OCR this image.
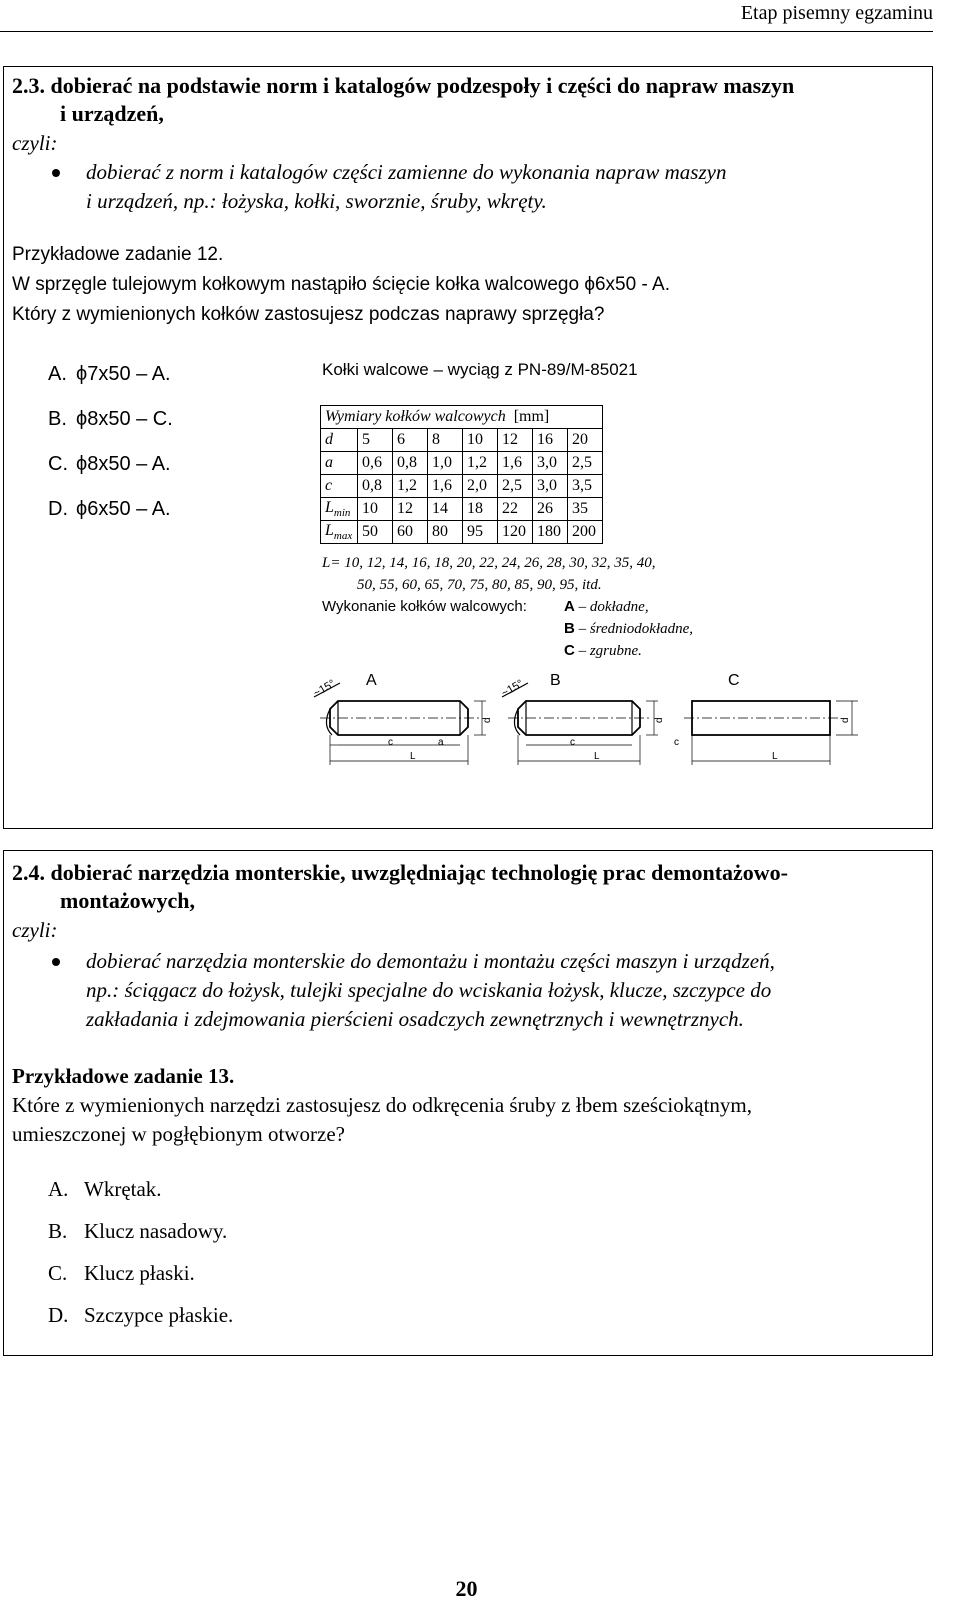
Etap pisemny egzaminu
2.3. dobierać na podstawie norm i katalogów podzespoły i części do napraw maszyn
i urządzeń,
czyli:
dobierać z norm i katalogów części zamienne do wykonania napraw maszyn
i urządzeń, np.: łożyska, kołki, sworznie, śruby, wkręty.
Przykładowe zadanie 12.
W sprzęgle tulejowym kołkowym nastąpiło ścięcie kołka walcowego ϕ6x50 - A.
Który z wymienionych kołków zastosujesz podczas naprawy sprzęgła?
A. ϕ7x50 – A.
B. ϕ8x50 – C.
C. ϕ8x50 – A.
D. ϕ6x50 – A.
Kołki walcowe – wyciąg z PN-89/M-85021
Wymiary kołków walcowych [mm]							
d	5	6	8	10	12	16	20
a	0,6	0,8	1,0	1,2	1,6	3,0	2,5
c	0,8	1,2	1,6	2,0	2,5	3,0	3,5
$L_{min}$	10	12	14	18	22	26	35
$L_{max}$	50	60	80	95	120	180	200
L= 10, 12, 14, 16, 18, 20, 22, 24, 26, 28, 30, 32, 35, 40,
50, 55, 60, 65, 70, 75, 80, 85, 90, 95, itd.
Wykonanie kołków walcowych: A – dokładne,
B – średniodokładne,
C – zgrubne.
A	B	C
~15°	~15°
d	d	d
c	a	c	c
L	L	L
2.4. dobierać narzędzia monterskie, uwzględniając technologię prac demontażowo-
montażowych,
czyli:
dobierać narzędzia monterskie do demontażu i montażu części maszyn i urządzeń,
np.: ściągacz do łożysk, tulejki specjalne do wciskania łożysk, klucze, szczypce do
zakładania i zdejmowania pierścieni osadczych zewnętrznych i wewnętrznych.
Przykładowe zadanie 13.
Które z wymienionych narzędzi zastosujesz do odkręcenia śruby z łbem sześciokątnym,
umieszczonej w pogłębionym otworze?
A. Wkrętak.
B. Klucz nasadowy.
C. Klucz płaski.
D. Szczypce płaskie.
20
